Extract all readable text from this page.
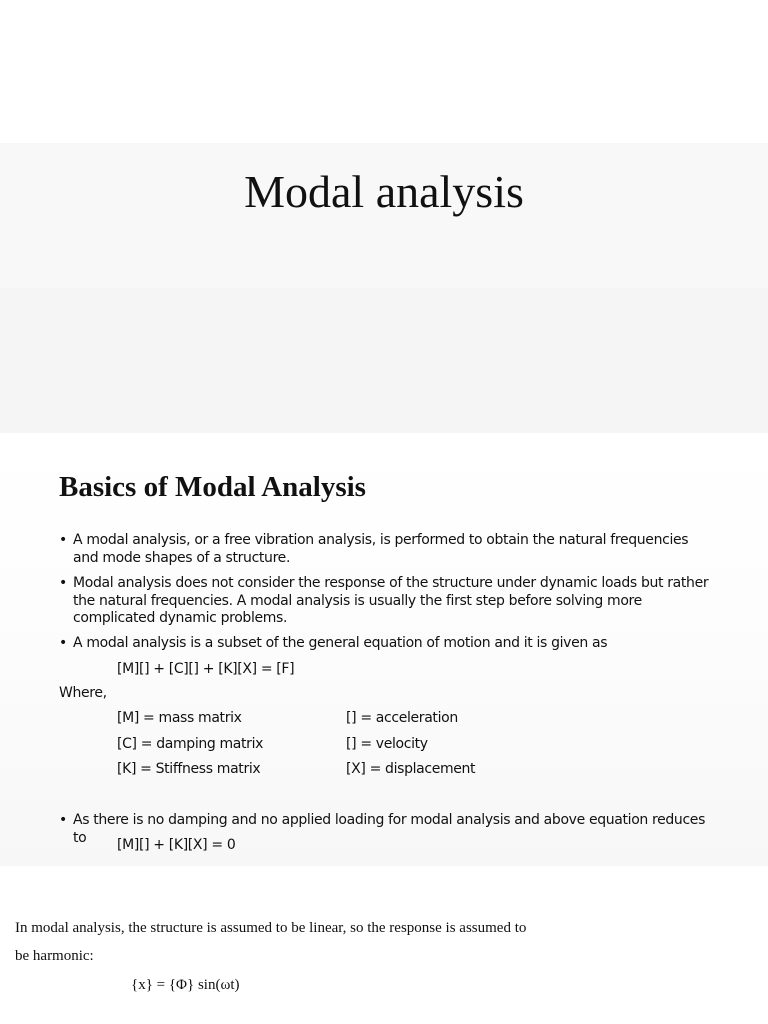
Modal analysis
Basics of Modal Analysis
• A modal analysis, or a free vibration analysis, is performed to obtain the natural frequencies and mode shapes of a structure.
• Modal analysis does not consider the response of the structure under dynamic loads but rather the natural frequencies. A modal analysis is usually the first step before solving more complicated dynamic problems.
• A modal analysis is a subset of the general equation of motion and it is given as
[M][] + [C][] + [K][X] = [F]
Where,
[M] = mass matrix	[] = acceleration
[C] = damping matrix	[] = velocity
[K] = Stiffness matrix	[X] = displacement
• As there is no damping and no applied loading for modal analysis and above equation reduces to	[M][] + [K][X] = 0
In modal analysis, the structure is assumed to be linear, so the response is assumed to
be harmonic:
{x} = {Φ} sin(ωt)
